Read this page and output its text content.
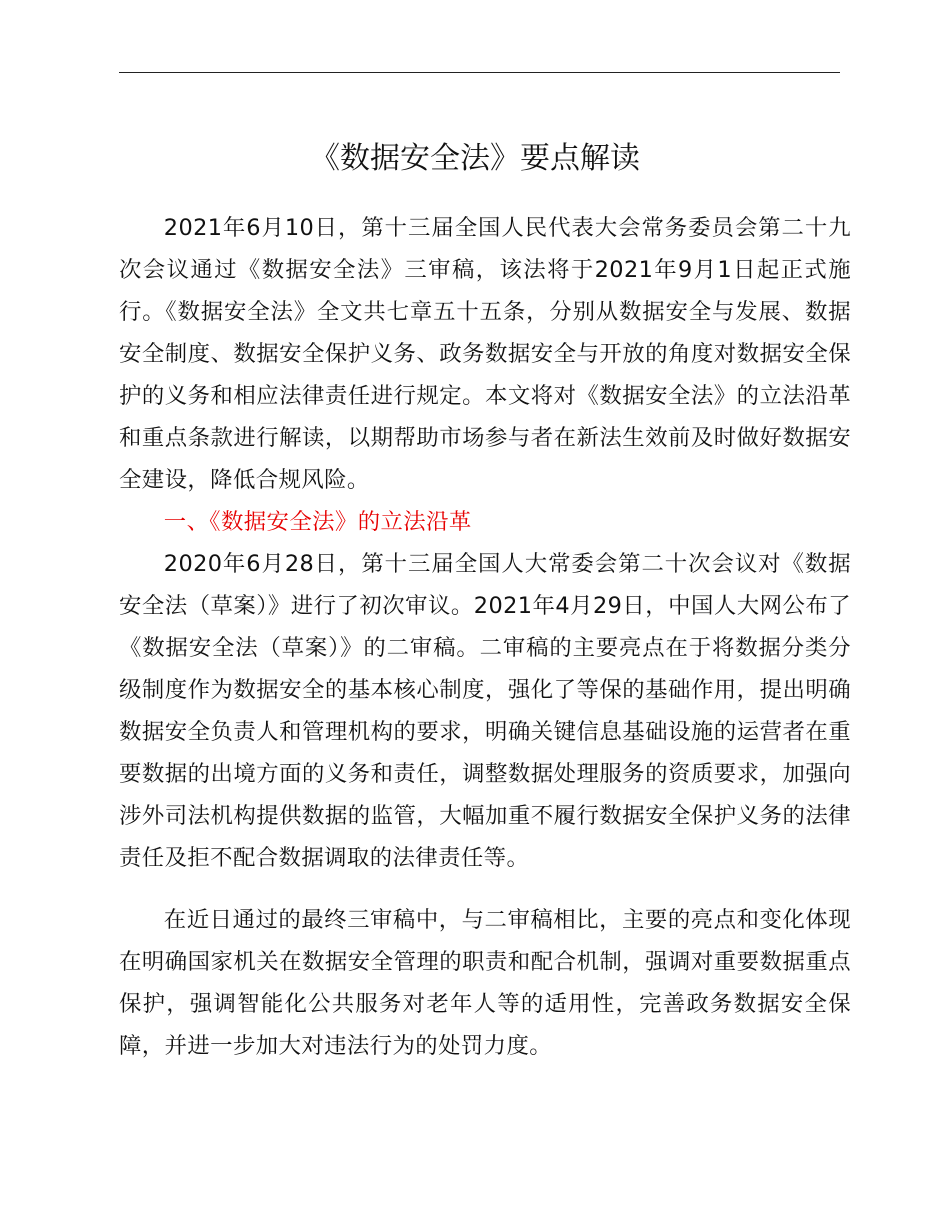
《数据安全法》要点解读

2021年6月10日，第十三届全国人民代表大会常务委员会第二十九次会议通过《数据安全法》三审稿，该法将于2021年9月1日起正式施行。《数据安全法》全文共七章五十五条，分别从数据安全与发展、数据安全制度、数据安全保护义务、政务数据安全与开放的角度对数据安全保护的义务和相应法律责任进行规定。本文将对《数据安全法》的立法沿革和重点条款进行解读，以期帮助市场参与者在新法生效前及时做好数据安全建设，降低合规风险。

一、《数据安全法》的立法沿革

2020年6月28日，第十三届全国人大常委会第二十次会议对《数据安全法（草案）》进行了初次审议。2021年4月29日，中国人大网公布了《数据安全法（草案）》的二审稿。二审稿的主要亮点在于将数据分类分级制度作为数据安全的基本核心制度，强化了等保的基础作用，提出明确数据安全负责人和管理机构的要求，明确关键信息基础设施的运营者在重要数据的出境方面的义务和责任，调整数据处理服务的资质要求，加强向涉外司法机构提供数据的监管，大幅加重不履行数据安全保护义务的法律责任及拒不配合数据调取的法律责任等。

在近日通过的最终三审稿中，与二审稿相比，主要的亮点和变化体现在明确国家机关在数据安全管理的职责和配合机制，强调对重要数据重点保护，强调智能化公共服务对老年人等的适用性，完善政务数据安全保障，并进一步加大对违法行为的处罚力度。
